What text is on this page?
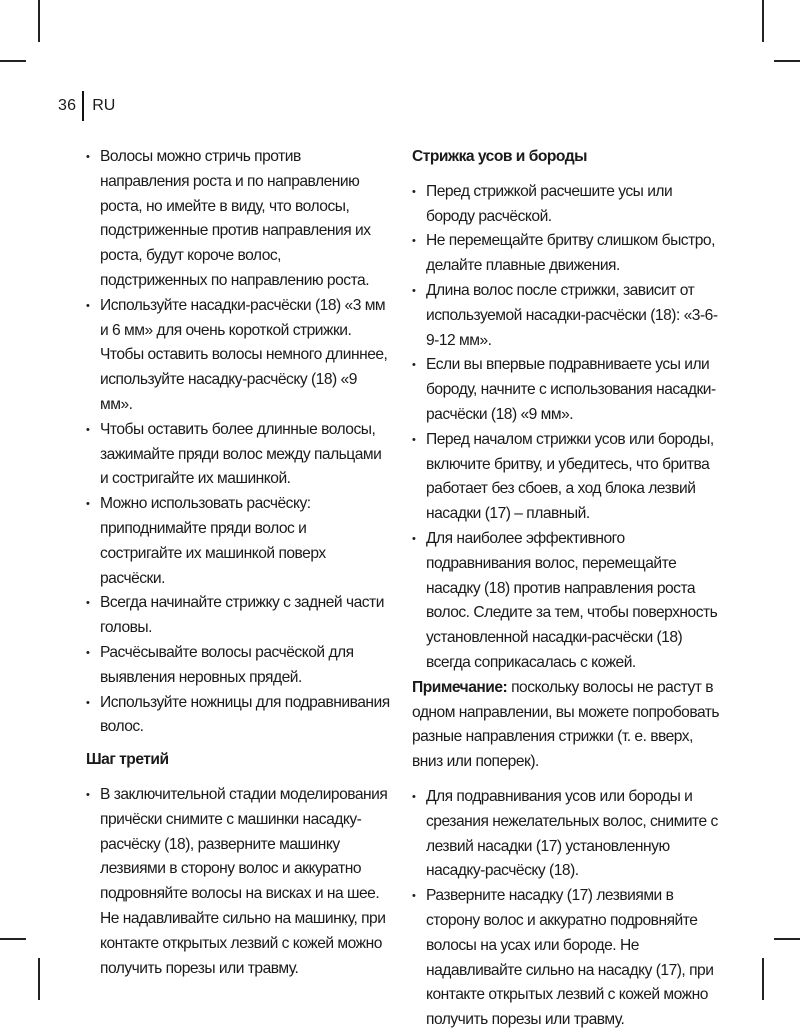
36 RU
• Волосы можно стричь против направления роста и по направлению роста, но имейте в виду, что волосы, подстриженные против направления их роста, будут короче волос, подстриженных по направлению роста.
• Используйте насадки-расчёски (18) «3 мм и 6 мм» для очень короткой стрижки. Чтобы оставить волосы немного длиннее, используйте насадку-расчёску (18) «9 мм».
• Чтобы оставить более длинные волосы, зажимайте пряди волос между пальцами и состригайте их машинкой.
• Можно использовать расчёску: приподнимайте пряди волос и состригайте их машинкой поверх расчёски.
• Всегда начинайте стрижку с задней части головы.
• Расчёсывайте волосы расчёской для выявления неровных прядей.
• Используйте ножницы для подравнивания волос.

Шаг третий

• В заключительной стадии моделирования причёски снимите с машинки насадку-расчёску (18), разверните машинку лезвиями в сторону волос и аккуратно подровняйте волосы на висках и на шее. Не надавливайте сильно на машинку, при контакте открытых лезвий с кожей можно получить порезы или травму.

Стрижка усов и бороды

• Перед стрижкой расчешите усы или бороду расчёской.
• Не перемещайте бритву слишком быстро, делайте плавные движения.
• Длина волос после стрижки, зависит от используемой насадки-расчёски (18): «3-6-9-12 мм».
• Если вы впервые подравниваете усы или бороду, начните с использования насадки-расчёски (18) «9 мм».
• Перед началом стрижки усов или бороды, включите бритву, и убедитесь, что бритва работает без сбоев, а ход блока лезвий насадки (17) – плавный.
• Для наиболее эффективного подравнивания волос, перемещайте насадку (18) против направления роста волос. Следите за тем, чтобы поверхность установленной насадки-расчёски (18) всегда соприкасалась с кожей.

Примечание: поскольку волосы не растут в одном направлении, вы можете попробовать разные направления стрижки (т. е. вверх, вниз или поперек).

• Для подравнивания усов или бороды и срезания нежелательных волос, снимите с лезвий насадки (17) установленную насадку-расчёску (18).
• Разверните насадку (17) лезвиями в сторону волос и аккуратно подровняйте волосы на усах или бороде. Не надавливайте сильно на насадку (17), при контакте открытых лезвий с кожей можно получить порезы или травму.
